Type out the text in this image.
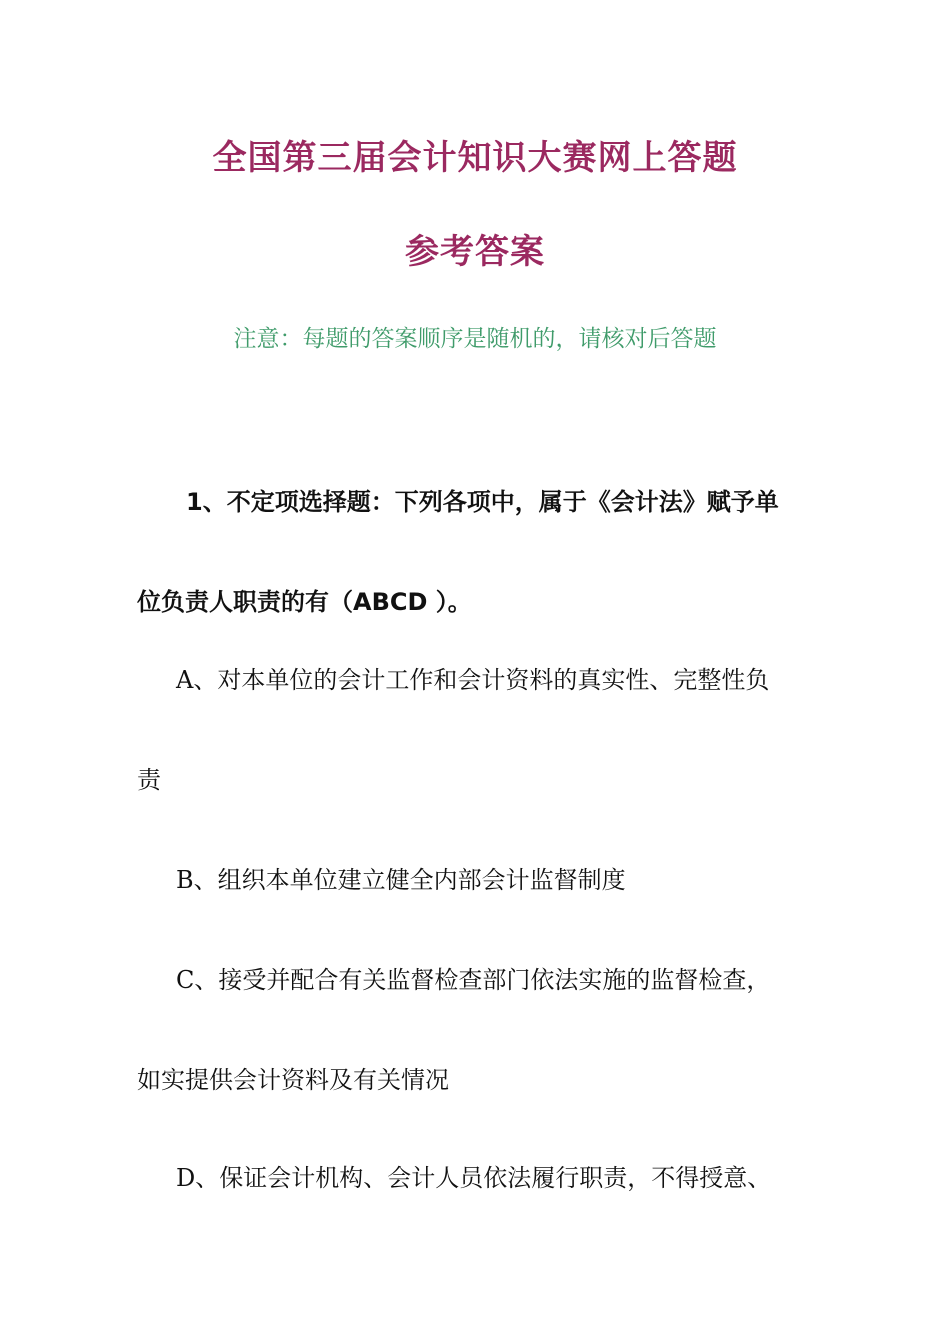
全国第三届会计知识大赛网上答题
参考答案
注意：每题的答案顺序是随机的，请核对后答题
1、不定项选择题：下列各项中，属于《会计法》赋予单
位负责人职责的有（ABCD ）。
A、对本单位的会计工作和会计资料的真实性、完整性负
责
B、组织本单位建立健全内部会计监督制度
C、接受并配合有关监督检查部门依法实施的监督检查，
如实提供会计资料及有关情况
D、保证会计机构、会计人员依法履行职责，不得授意、
